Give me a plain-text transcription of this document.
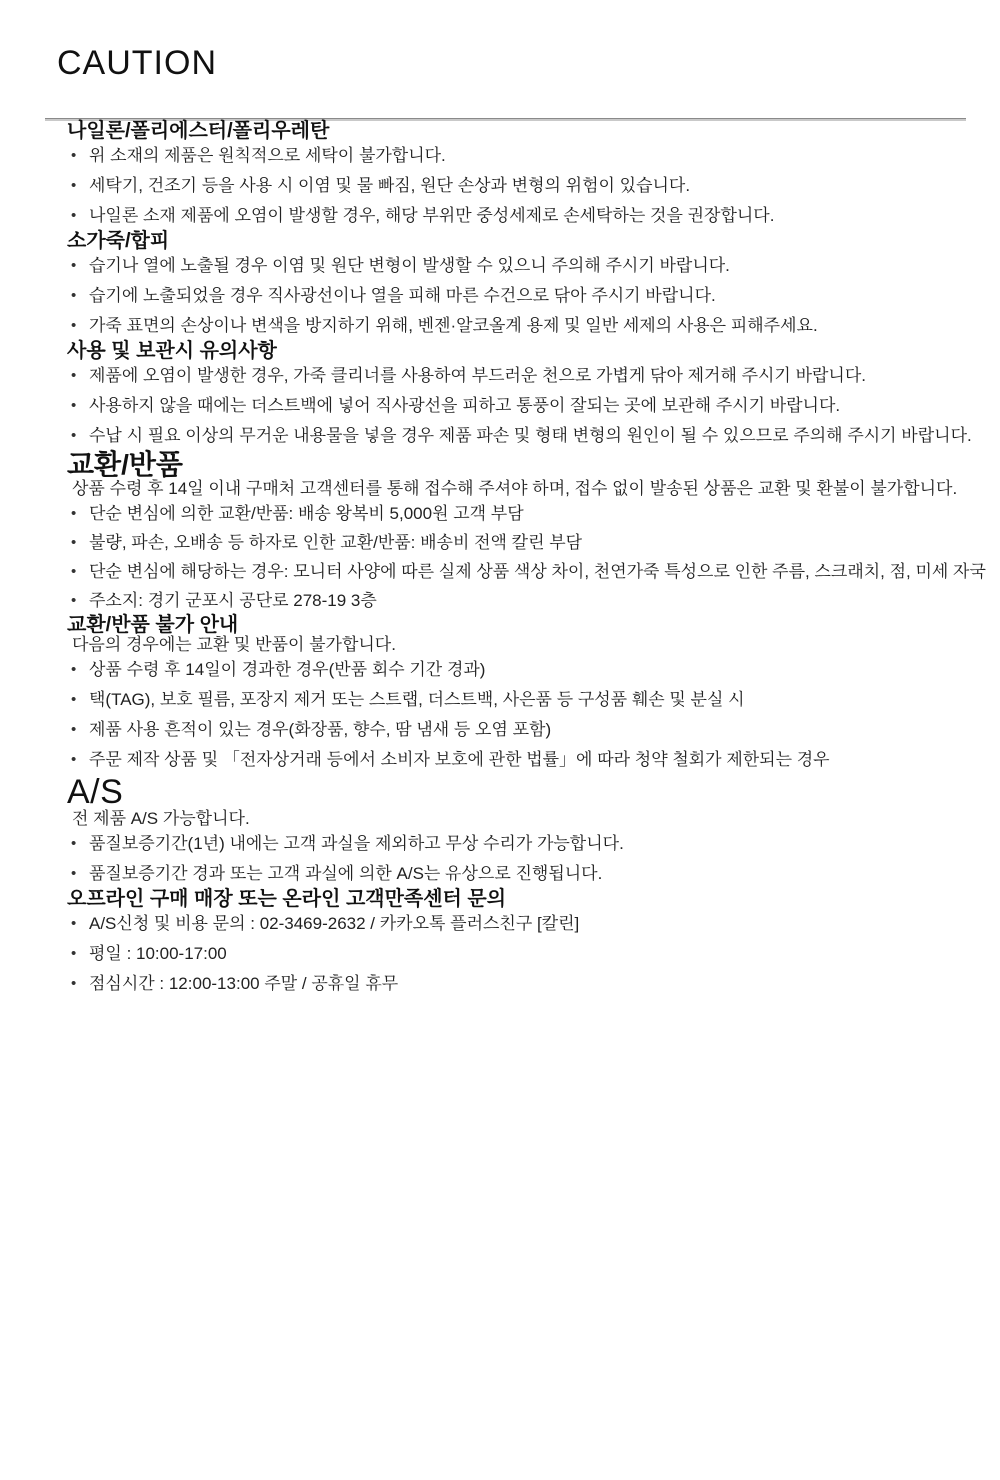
CAUTION
나일론/폴리에스터/폴리우레탄
• 위 소재의 제품은 원칙적으로 세탁이 불가합니다.
• 세탁기, 건조기 등을 사용 시 이염 및 물 빠짐, 원단 손상과 변형의 위험이 있습니다.
• 나일론 소재 제품에 오염이 발생할 경우, 해당 부위만 중성세제로 손세탁하는 것을 권장합니다.
소가죽/합피
• 습기나 열에 노출될 경우 이염 및 원단 변형이 발생할 수 있으니 주의해 주시기 바랍니다.
• 습기에 노출되었을 경우 직사광선이나 열을 피해 마른 수건으로 닦아 주시기 바랍니다.
• 가죽 표면의 손상이나 변색을 방지하기 위해, 벤젠·알코올계 용제 및 일반 세제의 사용은 피해주세요.
사용 및 보관시 유의사항
• 제품에 오염이 발생한 경우, 가죽 클리너를 사용하여 부드러운 천으로 가볍게 닦아 제거해 주시기 바랍니다.
• 사용하지 않을 때에는 더스트백에 넣어 직사광선을 피하고 통풍이 잘되는 곳에 보관해 주시기 바랍니다.
• 수납 시 필요 이상의 무거운 내용물을 넣을 경우 제품 파손 및 형태 변형의 원인이 될 수 있으므로 주의해 주시기 바랍니다.
교환/반품

상품 수령 후 14일 이내 구매처 고객센터를 통해 접수해 주셔야 하며, 접수 없이 발송된 상품은 교환 및 환불이 불가합니다.

• 단순 변심에 의한 교환/반품: 배송 왕복비 5,000원 고객 부담
• 불량, 파손, 오배송 등 하자로 인한 교환/반품: 배송비 전액 칼린 부담
• 단순 변심에 해당하는 경우: 모니터 사양에 따른 실제 상품 색상 차이, 천연가죽 특성으로 인한 주름, 스크래치, 점, 미세 자국
• 주소지: 경기 군포시 공단로 278-19 3층
교환/반품 불가 안내

다음의 경우에는 교환 및 반품이 불가합니다.

• 상품 수령 후 14일이 경과한 경우(반품 회수 기간 경과)
• 택(TAG), 보호 필름, 포장지 제거 또는 스트랩, 더스트백, 사은품 등 구성품 훼손 및 분실 시
• 제품 사용 흔적이 있는 경우(화장품, 향수, 땀 냄새 등 오염 포함)
• 주문 제작 상품 및 「전자상거래 등에서 소비자 보호에 관한 법률」에 따라 청약 철회가 제한되는 경우
A/S

전 제품 A/S 가능합니다.

• 품질보증기간(1년) 내에는 고객 과실을 제외하고 무상 수리가 가능합니다.
• 품질보증기간 경과 또는 고객 과실에 의한 A/S는 유상으로 진행됩니다.
오프라인 구매 매장 또는 온라인 고객만족센터 문의
• A/S신청 및 비용 문의 : 02-3469-2632 / 카카오톡 플러스친구 [칼린]
• 평일 : 10:00-17:00
• 점심시간 : 12:00-13:00 주말 / 공휴일 휴무
